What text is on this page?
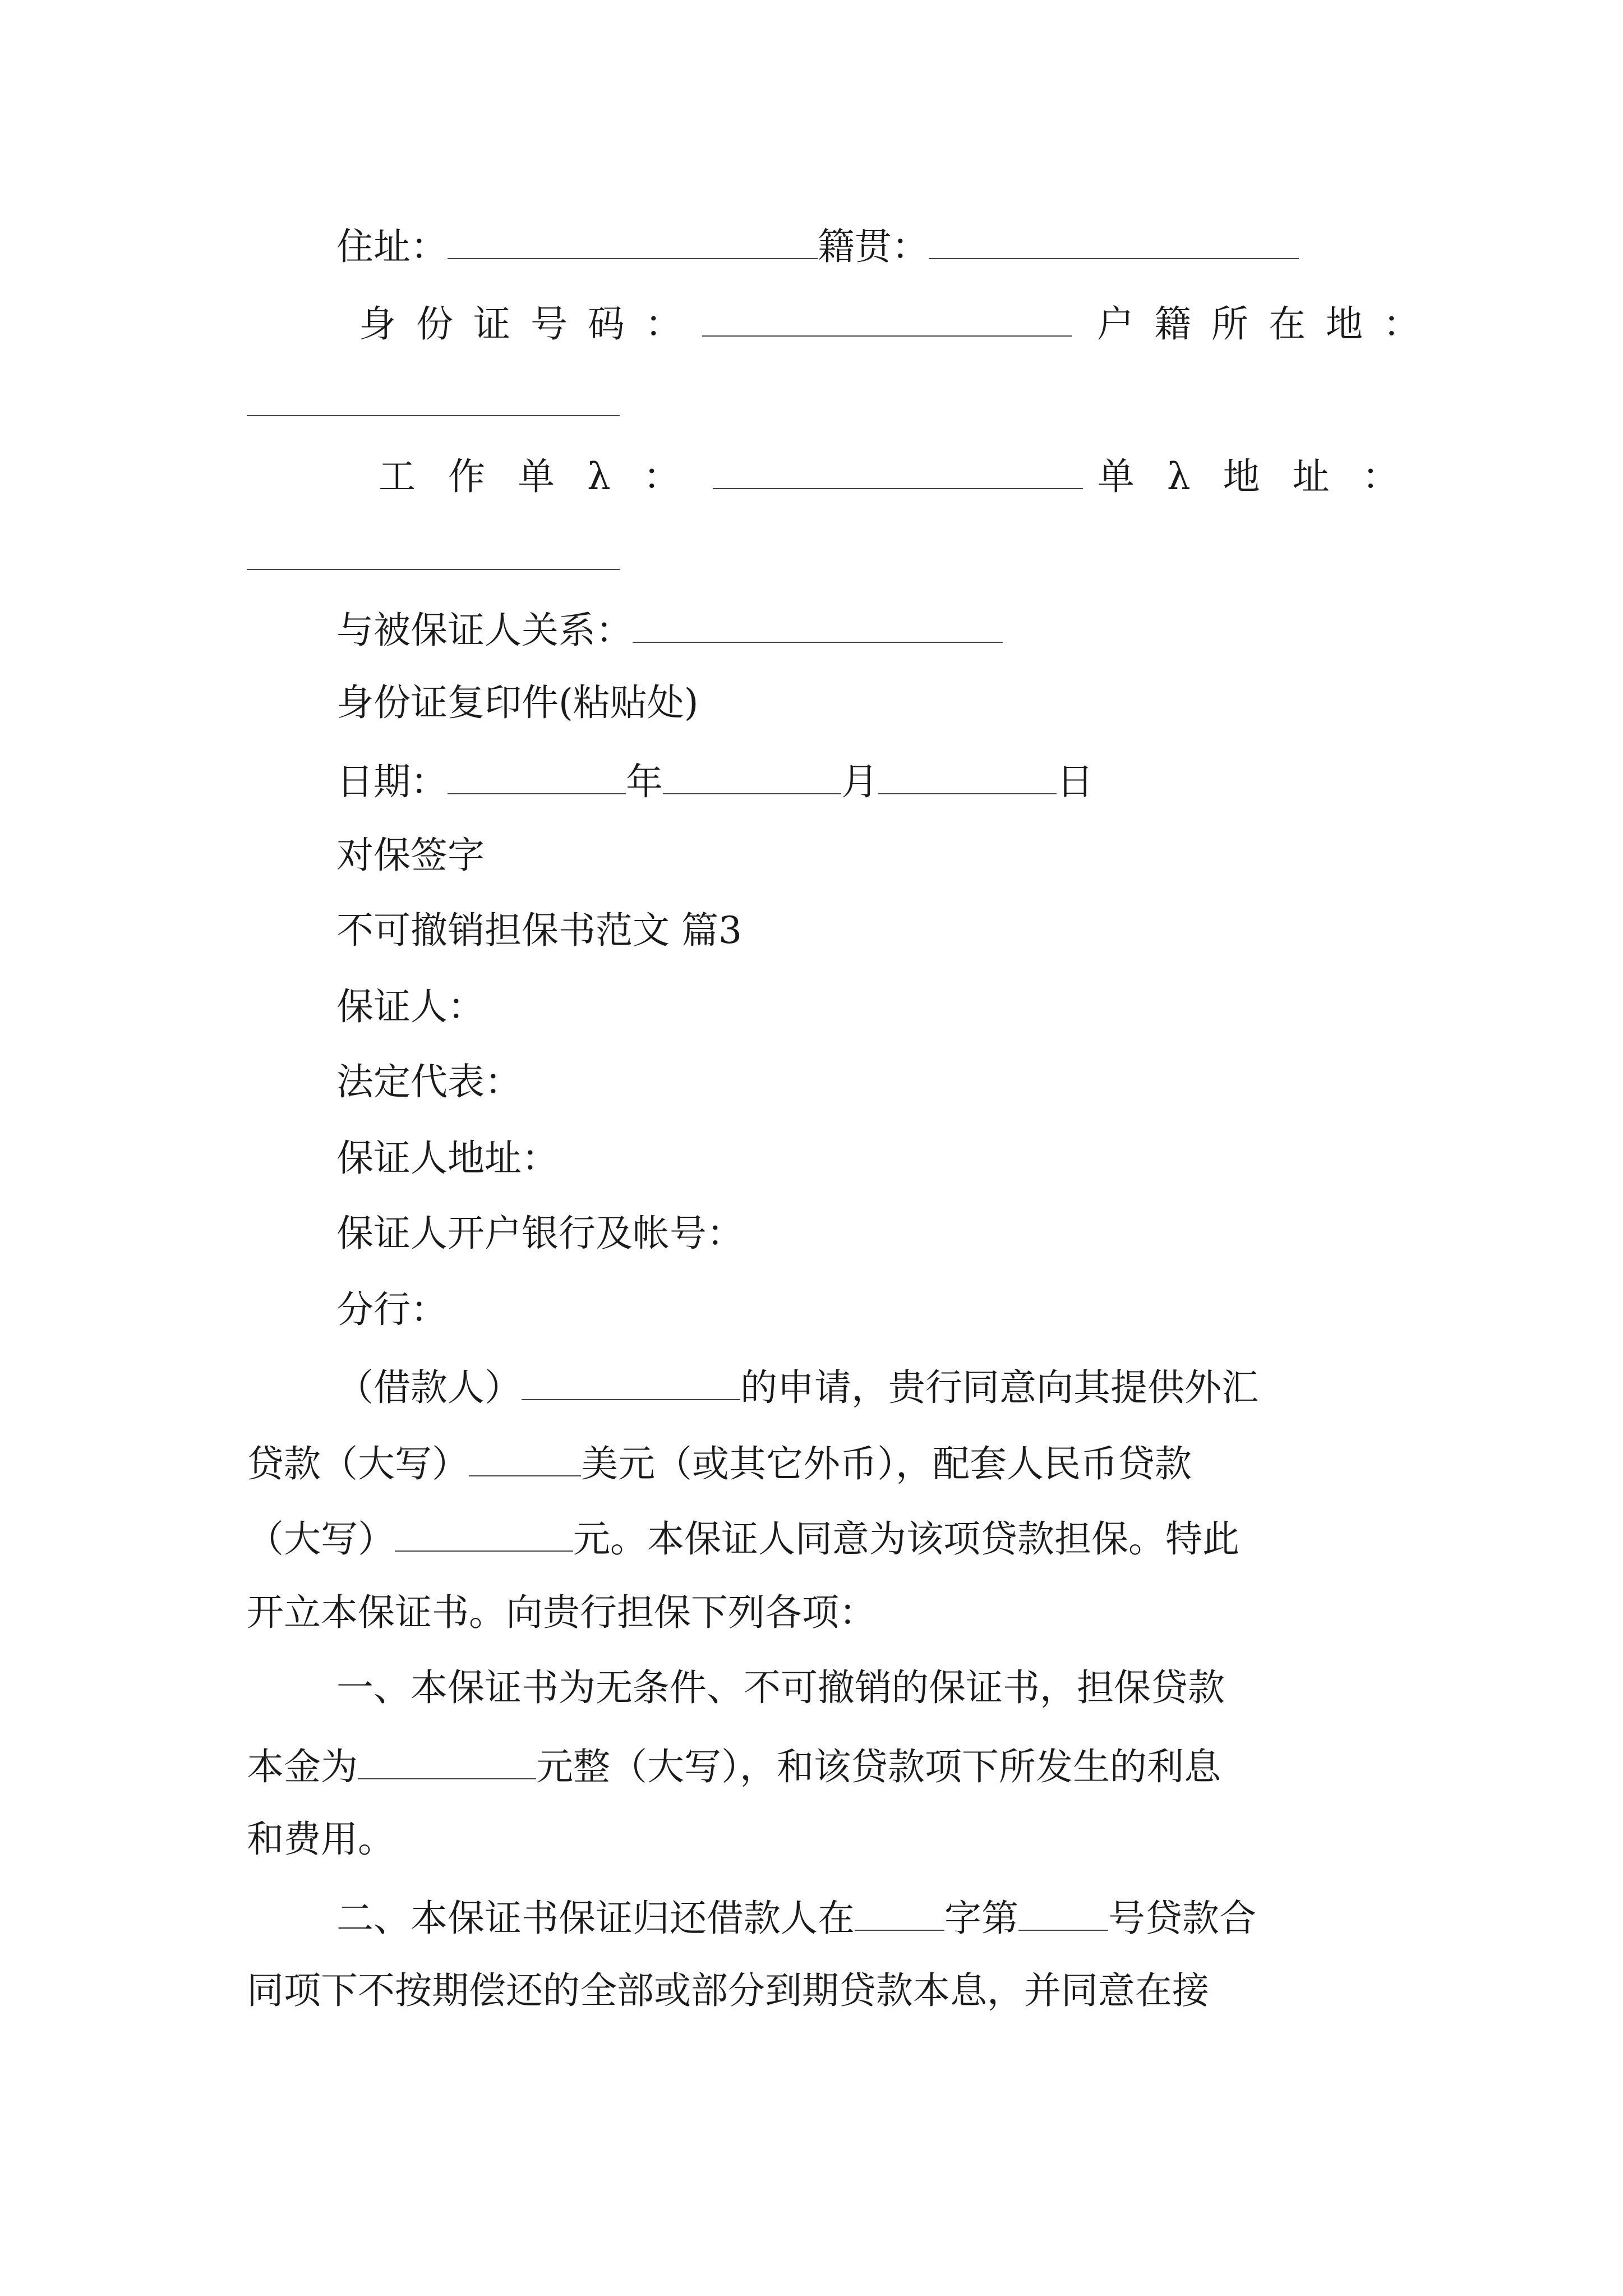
住址：	籍贯：
身份证号码：	户籍所在地：
工作单λ：	单λ地址：
与被保证人关系：
身份证复印件(粘贴处)
日期：	年	月	日
对保签字
不可撤销担保书范文 篇3
保证人：
法定代表：
保证人地址：
保证人开户银行及帐号：
分行：
（借款人）	的申请，贵行同意向其提供外汇
贷款（大写）	美元（或其它外币），配套人民币贷款
（大写）	元。本保证人同意为该项贷款担保。特此
开立本保证书。向贵行担保下列各项：
一、本保证书为无条件、不可撤销的保证书，担保贷款
本金为	元整（大写），和该贷款项下所发生的利息
和费用。
二、本保证书保证归还借款人在 字第 号贷款合
同项下不按期偿还的全部或部分到期贷款本息，并同意在接
